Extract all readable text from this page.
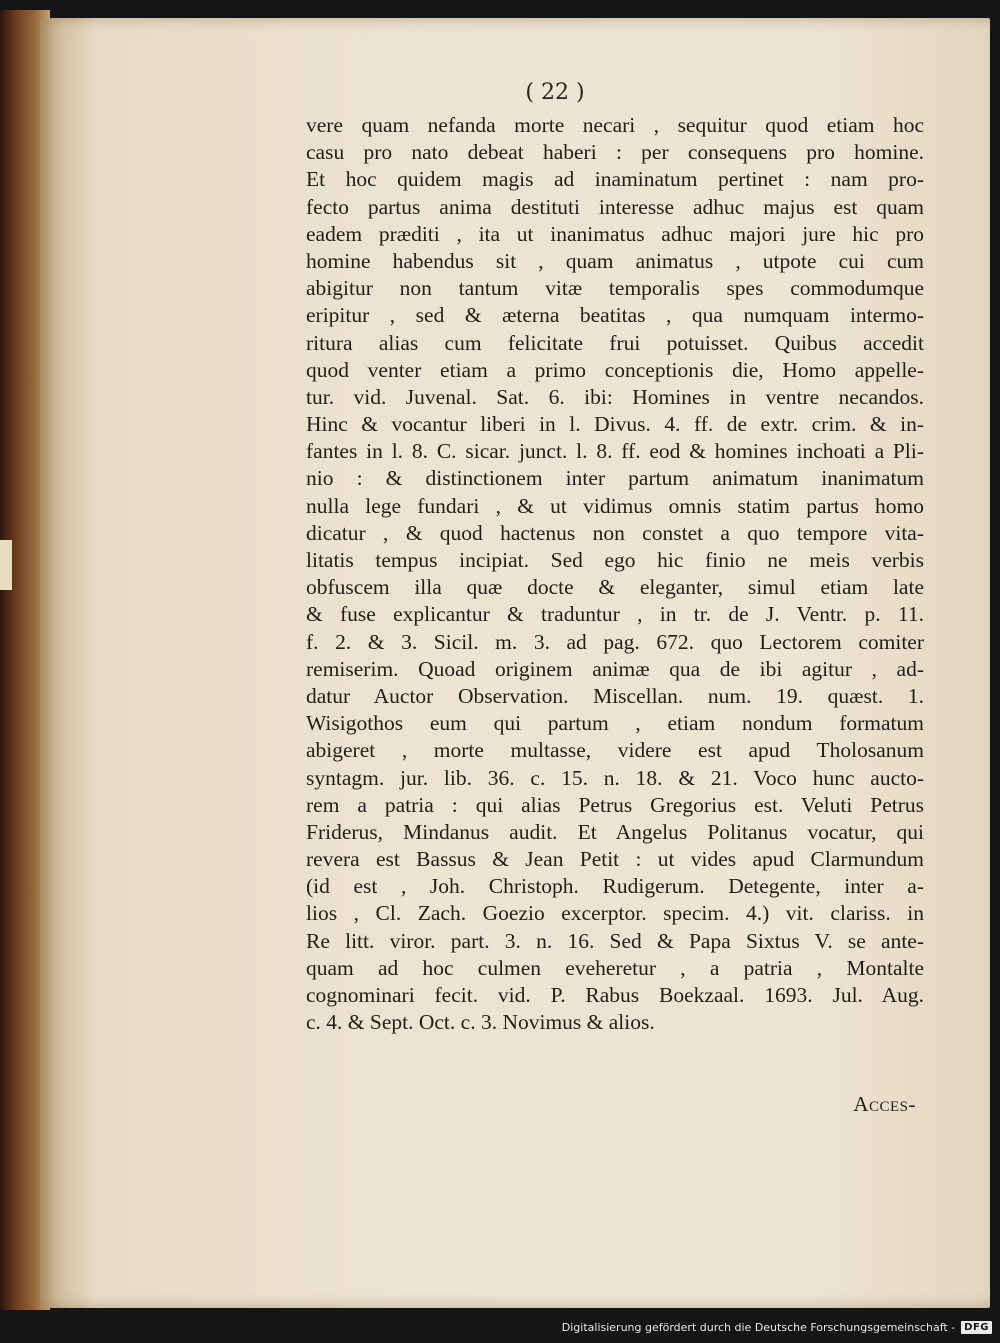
( 22 )
vere quam nefanda morte necari , sequitur quod etiam hoc
casu pro nato debeat haberi : per consequens pro homine.
Et hoc quidem magis ad inaminatum pertinet : nam pro-
fecto partus anima destituti interesse adhuc majus est quam
eadem præditi , ita ut inanimatus adhuc majori jure hic pro
homine habendus sit , quam animatus , utpote cui cum
abigitur non tantum vitæ temporalis spes commodumque
eripitur , sed & æterna beatitas , qua numquam intermo-
ritura alias cum felicitate frui potuisset. Quibus accedit
quod venter etiam a primo conceptionis die, Homo appelle-
tur. vid. Juvenal. Sat. 6. ibi: Homines in ventre necandos.
Hinc & vocantur liberi in l. Divus. 4. ff. de extr. crim. & in-
fantes in l. 8. C. sicar. junct. l. 8. ff. eod & homines inchoati a Pli-
nio : & distinctionem inter partum animatum inanimatum
nulla lege fundari , & ut vidimus omnis statim partus homo
dicatur , & quod hactenus non constet a quo tempore vita-
litatis tempus incipiat. Sed ego hic finio ne meis verbis
obfuscem illa quæ docte & eleganter, simul etiam late
& fuse explicantur & traduntur , in tr. de J. Ventr. p. 11.
f. 2. & 3. Sicil. m. 3. ad pag. 672. quo Lectorem comiter
remiserim. Quoad originem animæ qua de ibi agitur , ad-
datur Auctor Observation. Miscellan. num. 19. quæst. 1.
Wisigothos eum qui partum , etiam nondum formatum
abigeret , morte multasse, videre est apud Tholosanum
syntagm. jur. lib. 36. c. 15. n. 18. & 21. Voco hunc aucto-
rem a patria : qui alias Petrus Gregorius est. Veluti Petrus
Friderus, Mindanus audit. Et Angelus Politanus vocatur, qui
revera est Bassus & Jean Petit : ut vides apud Clarmundum
(id est , Joh. Christoph. Rudigerum. Detegente, inter a-
lios , Cl. Zach. Goezio excerptor. specim. 4.) vit. clariss. in
Re litt. viror. part. 3. n. 16. Sed & Papa Sixtus V. se ante-
quam ad hoc culmen eveheretur , a patria , Montalte
cognominari fecit. vid. P. Rabus Boekzaal. 1693. Jul. Aug.
c. 4. & Sept. Oct. c. 3. Novimus & alios.
Acces-
Digitalisierung gefördert durch die Deutsche Forschungsgemeinschaft - DFG
